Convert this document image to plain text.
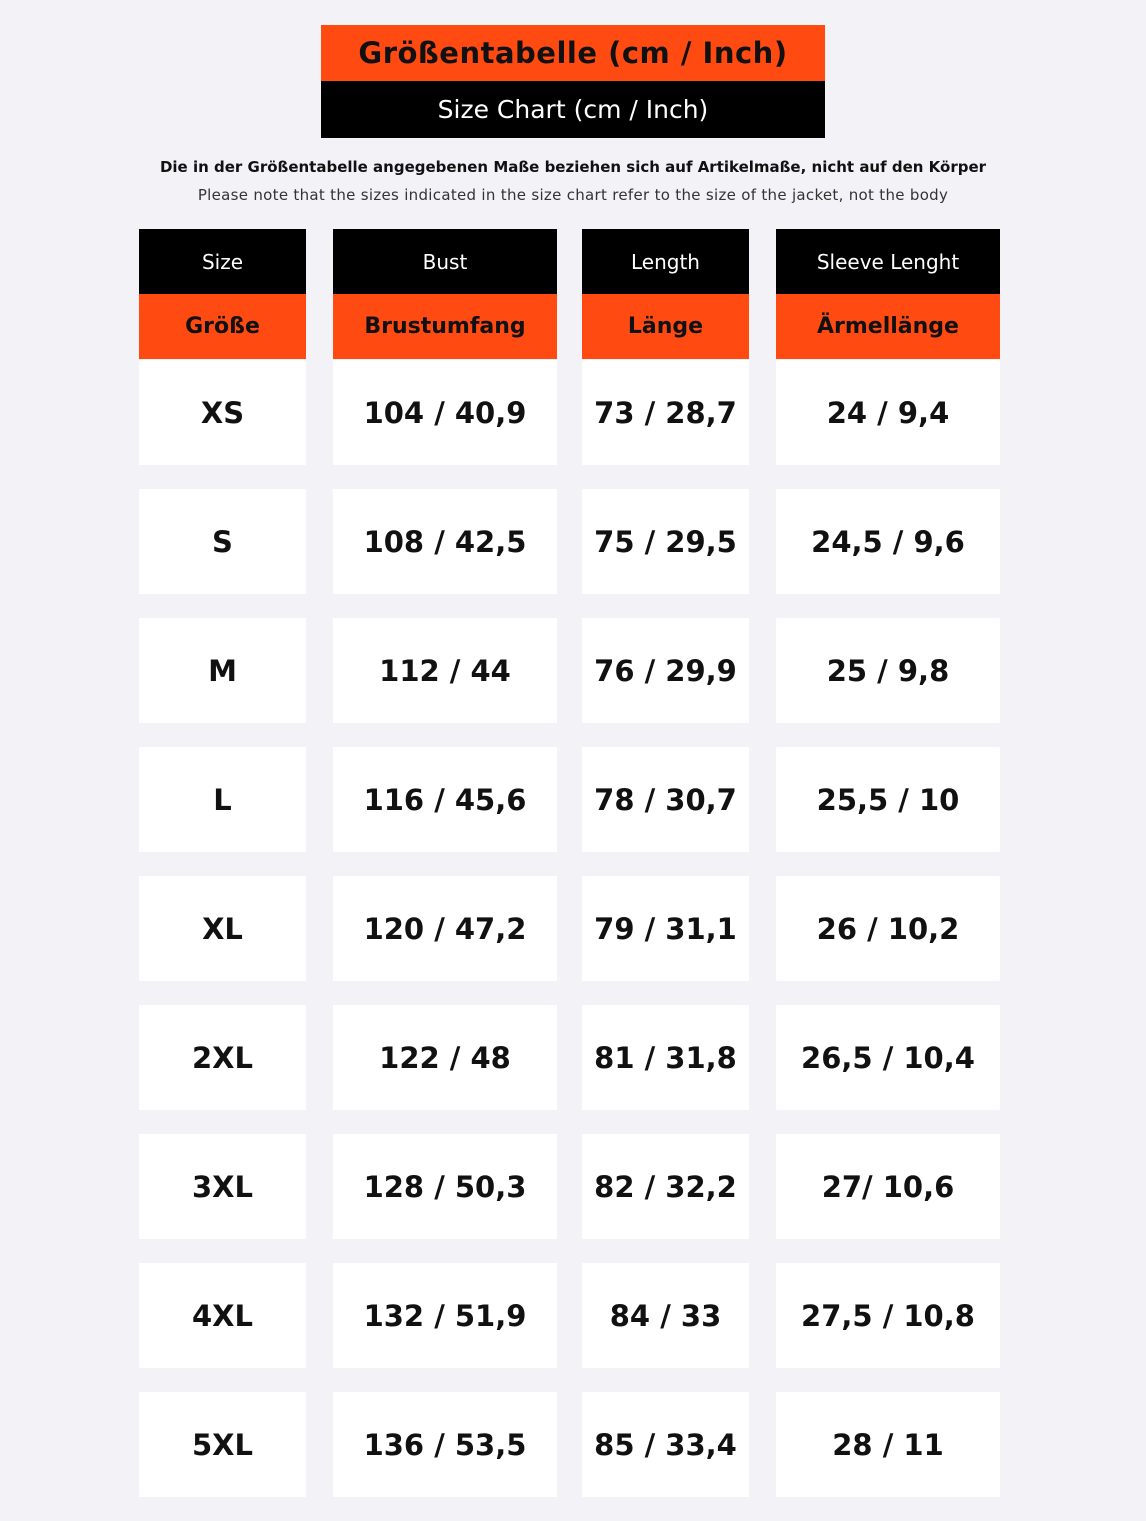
Größentabelle (cm / Inch)
Size Chart (cm / Inch)
Die in der Größentabelle angegebenen Maße beziehen sich auf Artikelmaße, nicht auf den Körper
Please note that the sizes indicated in the size chart refer to the size of the jacket, not the body
Size
Größe
XS
S
M
L
XL
2XL
3XL
4XL
5XL
Bust
Brustumfang
104 / 40,9
108 / 42,5
112 / 44
116 / 45,6
120 / 47,2
122 / 48
128 / 50,3
132 / 51,9
136 / 53,5
Length
Länge
73 / 28,7
75 / 29,5
76 / 29,9
78 / 30,7
79 / 31,1
81 / 31,8
82 / 32,2
84 / 33
85 / 33,4
Sleeve Lenght
Ärmellänge
24 / 9,4
24,5 / 9,6
25 / 9,8
25,5 / 10
26 / 10,2
26,5 / 10,4
27/ 10,6
27,5 / 10,8
28 / 11
